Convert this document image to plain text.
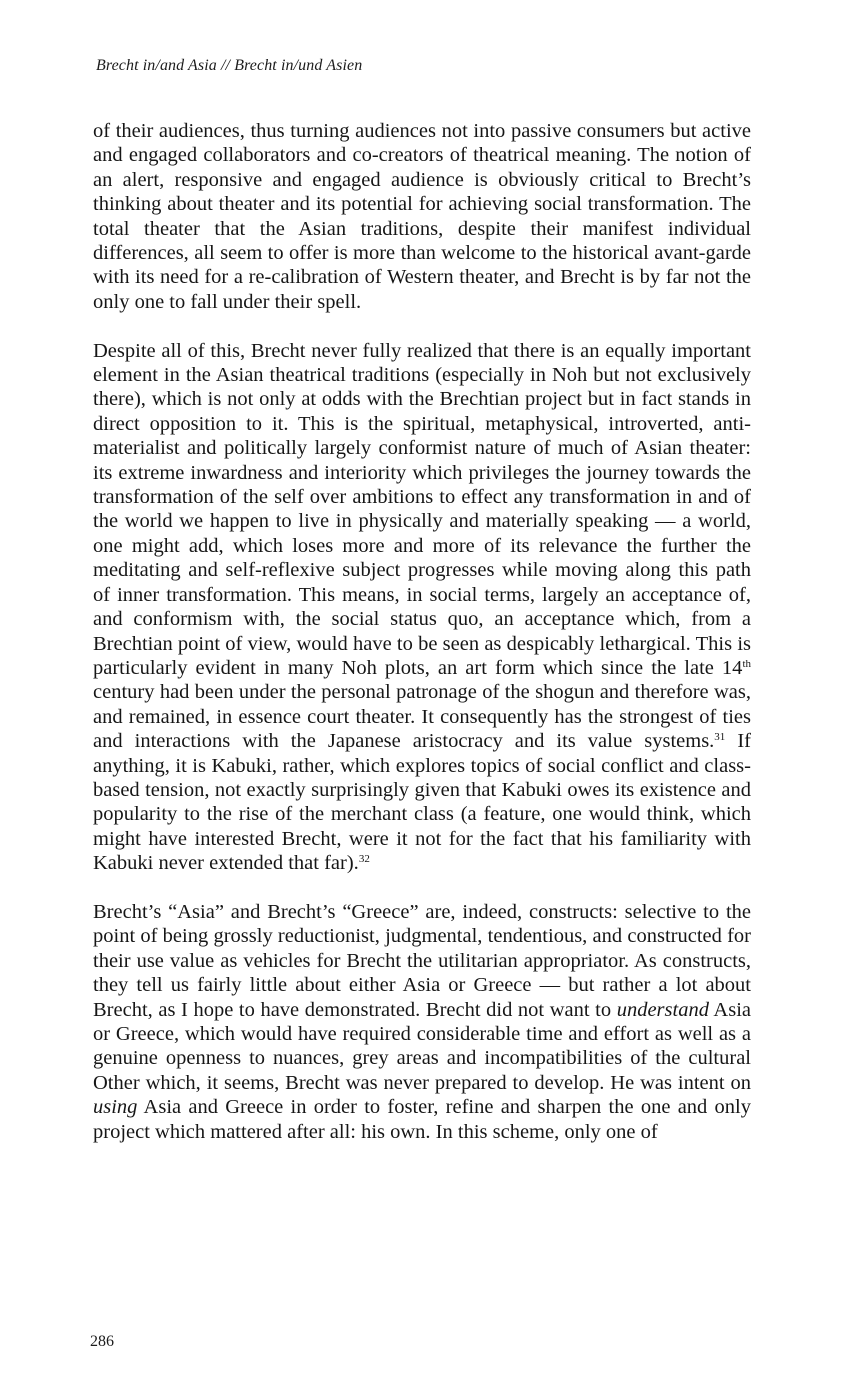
Brecht in/and Asia // Brecht in/und Asien

of their audiences, thus turning audiences not into passive consumers but active and engaged collaborators and co-creators of theatrical meaning. The notion of an alert, responsive and engaged audience is obviously critical to Brecht’s thinking about theater and its potential for achieving social transformation. The total theater that the Asian traditions, despite their manifest individual differences, all seem to offer is more than welcome to the historical avant-garde with its need for a re-calibration of Western theater, and Brecht is by far not the only one to fall under their spell.

Despite all of this, Brecht never fully realized that there is an equally important element in the Asian theatrical traditions (especially in Noh but not exclusively there), which is not only at odds with the Brechtian project but in fact stands in direct opposition to it. This is the spiritual, metaphysical, introverted, anti-materialist and politically largely conformist nature of much of Asian theater: its extreme inwardness and interiority which privileges the journey towards the transformation of the self over ambitions to effect any transformation in and of the world we happen to live in physically and materially speaking — a world, one might add, which loses more and more of its relevance the further the meditating and self-reflexive subject progresses while moving along this path of inner transformation. This means, in social terms, largely an acceptance of, and conformism with, the social status quo, an acceptance which, from a Brechtian point of view, would have to be seen as despicably lethargical. This is particularly evident in many Noh plots, an art form which since the late 14th century had been under the personal patronage of the shogun and therefore was, and remained, in essence court theater. It consequently has the strongest of ties and interactions with the Japanese aristocracy and its value systems.$^{31}$ If anything, it is Kabuki, rather, which explores topics of social conflict and class-based tension, not exactly surprisingly given that Kabuki owes its existence and popularity to the rise of the merchant class (a feature, one would think, which might have interested Brecht, were it not for the fact that his familiarity with Kabuki never extended that far).$^{32}$

Brecht’s “Asia” and Brecht’s “Greece” are, indeed, constructs: selective to the point of being grossly reductionist, judgmental, tendentious, and constructed for their use value as vehicles for Brecht the utilitarian appropriator. As constructs, they tell us fairly little about either Asia or Greece — but rather a lot about Brecht, as I hope to have demonstrated. Brecht did not want to understand Asia or Greece, which would have required considerable time and effort as well as a genuine openness to nuances, grey areas and incompatibilities of the cultural Other which, it seems, Brecht was never prepared to develop. He was intent on using Asia and Greece in order to foster, refine and sharpen the one and only project which mattered after all: his own. In this scheme, only one of

286
